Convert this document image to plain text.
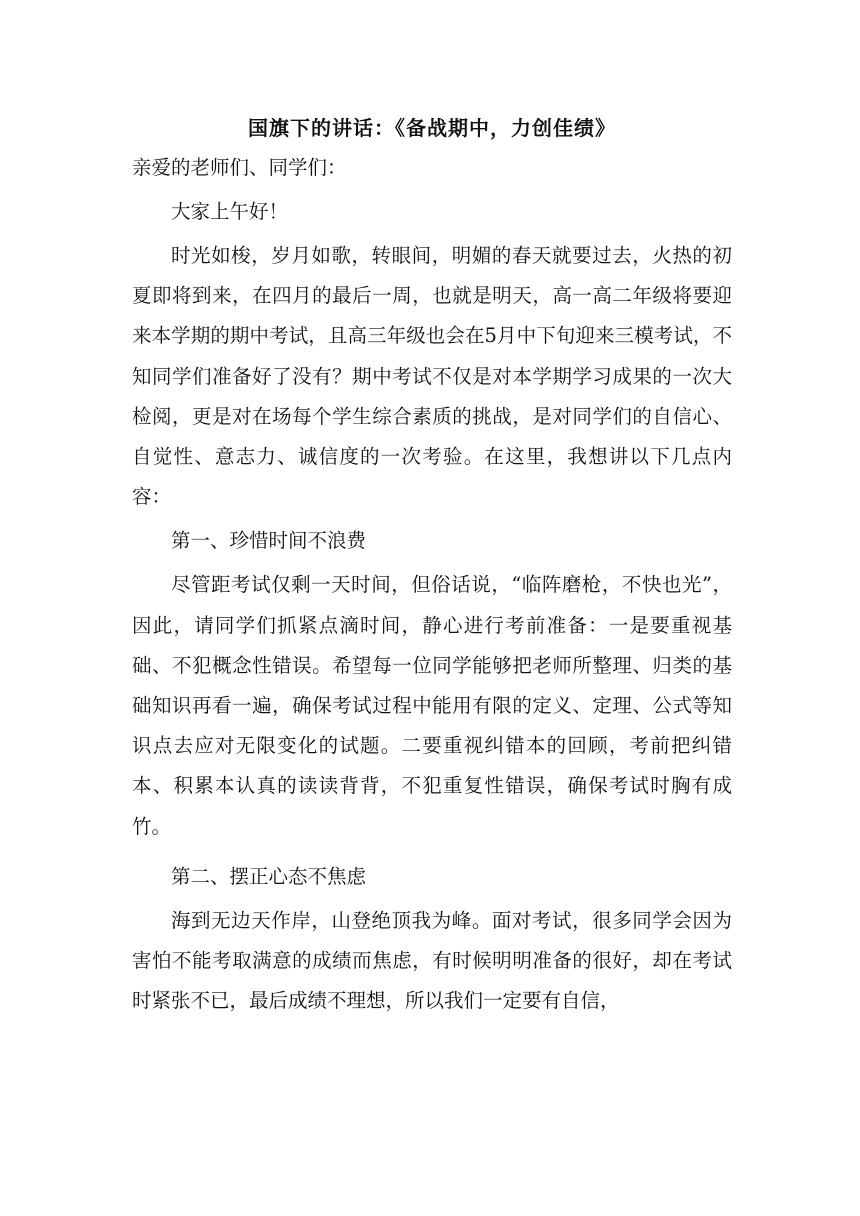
国旗下的讲话：《备战期中，力创佳绩》
亲爱的老师们、同学们：
大家上午好！

时光如梭，岁月如歌，转眼间，明媚的春天就要过去，火热的初夏即将到来，在四月的最后一周，也就是明天，高一高二年级将要迎来本学期的期中考试，且高三年级也会在5月中下旬迎来三模考试，不知同学们准备好了没有？期中考试不仅是对本学期学习成果的一次大检阅，更是对在场每个学生综合素质的挑战，是对同学们的自信心、自觉性、意志力、诚信度的一次考验。在这里，我想讲以下几点内容：

第一、珍惜时间不浪费

尽管距考试仅剩一天时间，但俗话说，“临阵磨枪，不快也光”，因此，请同学们抓紧点滴时间，静心进行考前准备：一是要重视基础、不犯概念性错误。希望每一位同学能够把老师所整理、归类的基础知识再看一遍，确保考试过程中能用有限的定义、定理、公式等知识点去应对无限变化的试题。二要重视纠错本的回顾，考前把纠错本、积累本认真的读读背背，不犯重复性错误，确保考试时胸有成竹。

第二、摆正心态不焦虑

海到无边天作岸，山登绝顶我为峰。面对考试，很多同学会因为害怕不能考取满意的成绩而焦虑，有时候明明准备的很好，却在考试时紧张不已，最后成绩不理想，所以我们一定要有自信，
